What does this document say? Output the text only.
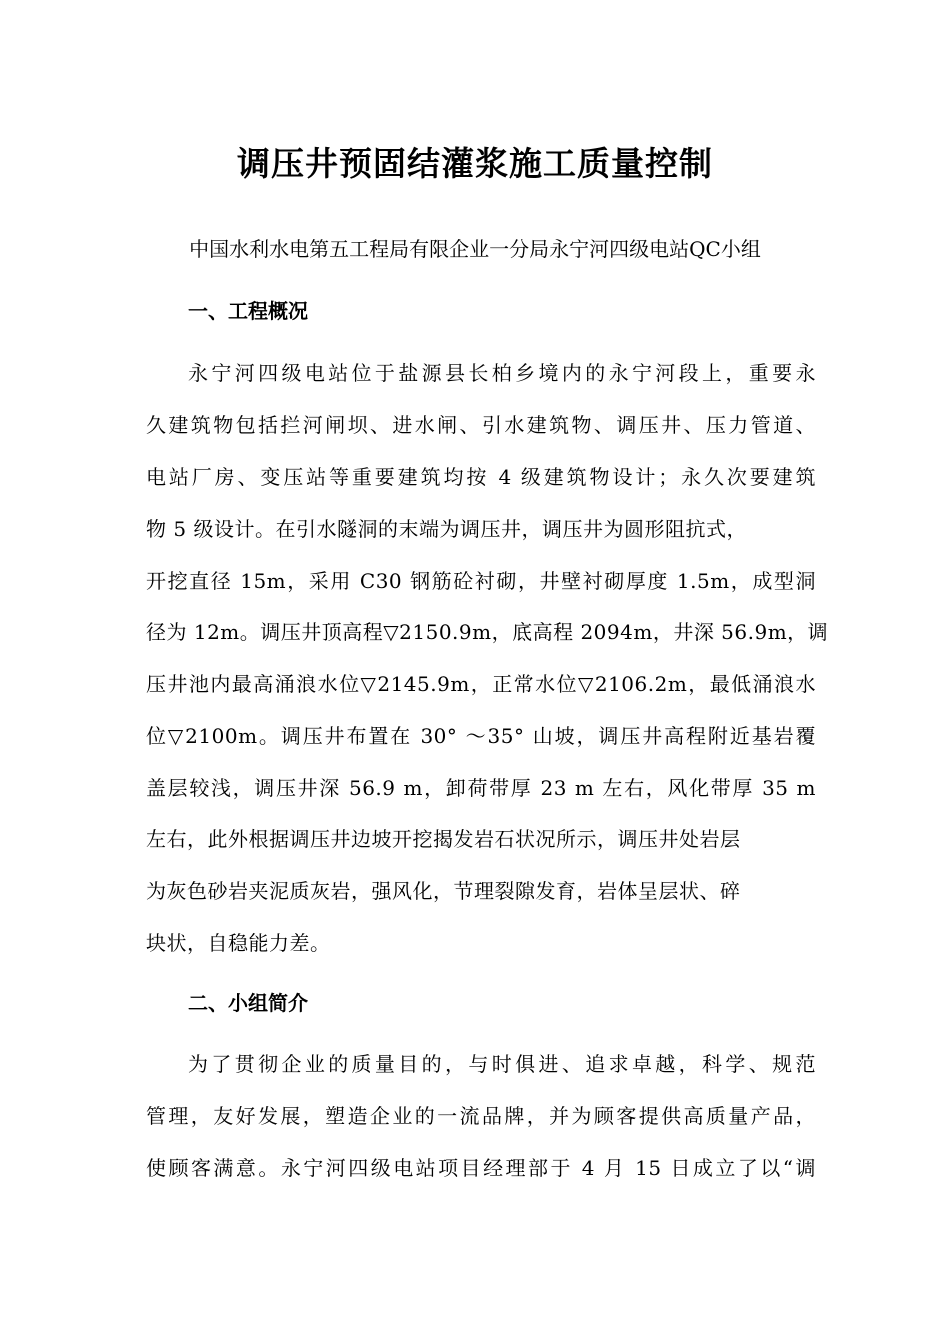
调压井预固结灌浆施工质量控制
中国水利水电第五工程局有限企业一分局永宁河四级电站QC小组
一、工程概况
永宁河四级电站位于盐源县长柏乡境内的永宁河段上，重要永
久建筑物包括拦河闸坝、进水闸、引水建筑物、调压井、压力管道、
电站厂房、变压站等重要建筑均按 4 级建筑物设计；永久次要建筑
物 5 级设计。在引水隧洞的末端为调压井，调压井为圆形阻抗式，
开挖直径 15m，采用 C30 钢筋砼衬砌，井壁衬砌厚度 1.5m，成型洞
径为 12m。调压井顶高程▽2150.9m，底高程 2094m，井深 56.9m，调
压井池内最高涌浪水位▽2145.9m，正常水位▽2106.2m，最低涌浪水
位▽2100m。调压井布置在 30° ～35° 山坡，调压井高程附近基岩覆
盖层较浅，调压井深 56.9 m，卸荷带厚 23 m 左右，风化带厚 35 m
左右，此外根据调压井边坡开挖揭发岩石状况所示，调压井处岩层
为灰色砂岩夹泥质灰岩，强风化，节理裂隙发育，岩体呈层状、碎
块状，自稳能力差。
二、小组简介
为了贯彻企业的质量目的，与时俱进、追求卓越，科学、规范
管理，友好发展，塑造企业的一流品牌，并为顾客提供高质量产品，
使顾客满意。永宁河四级电站项目经理部于 4 月 15 日成立了以“调
